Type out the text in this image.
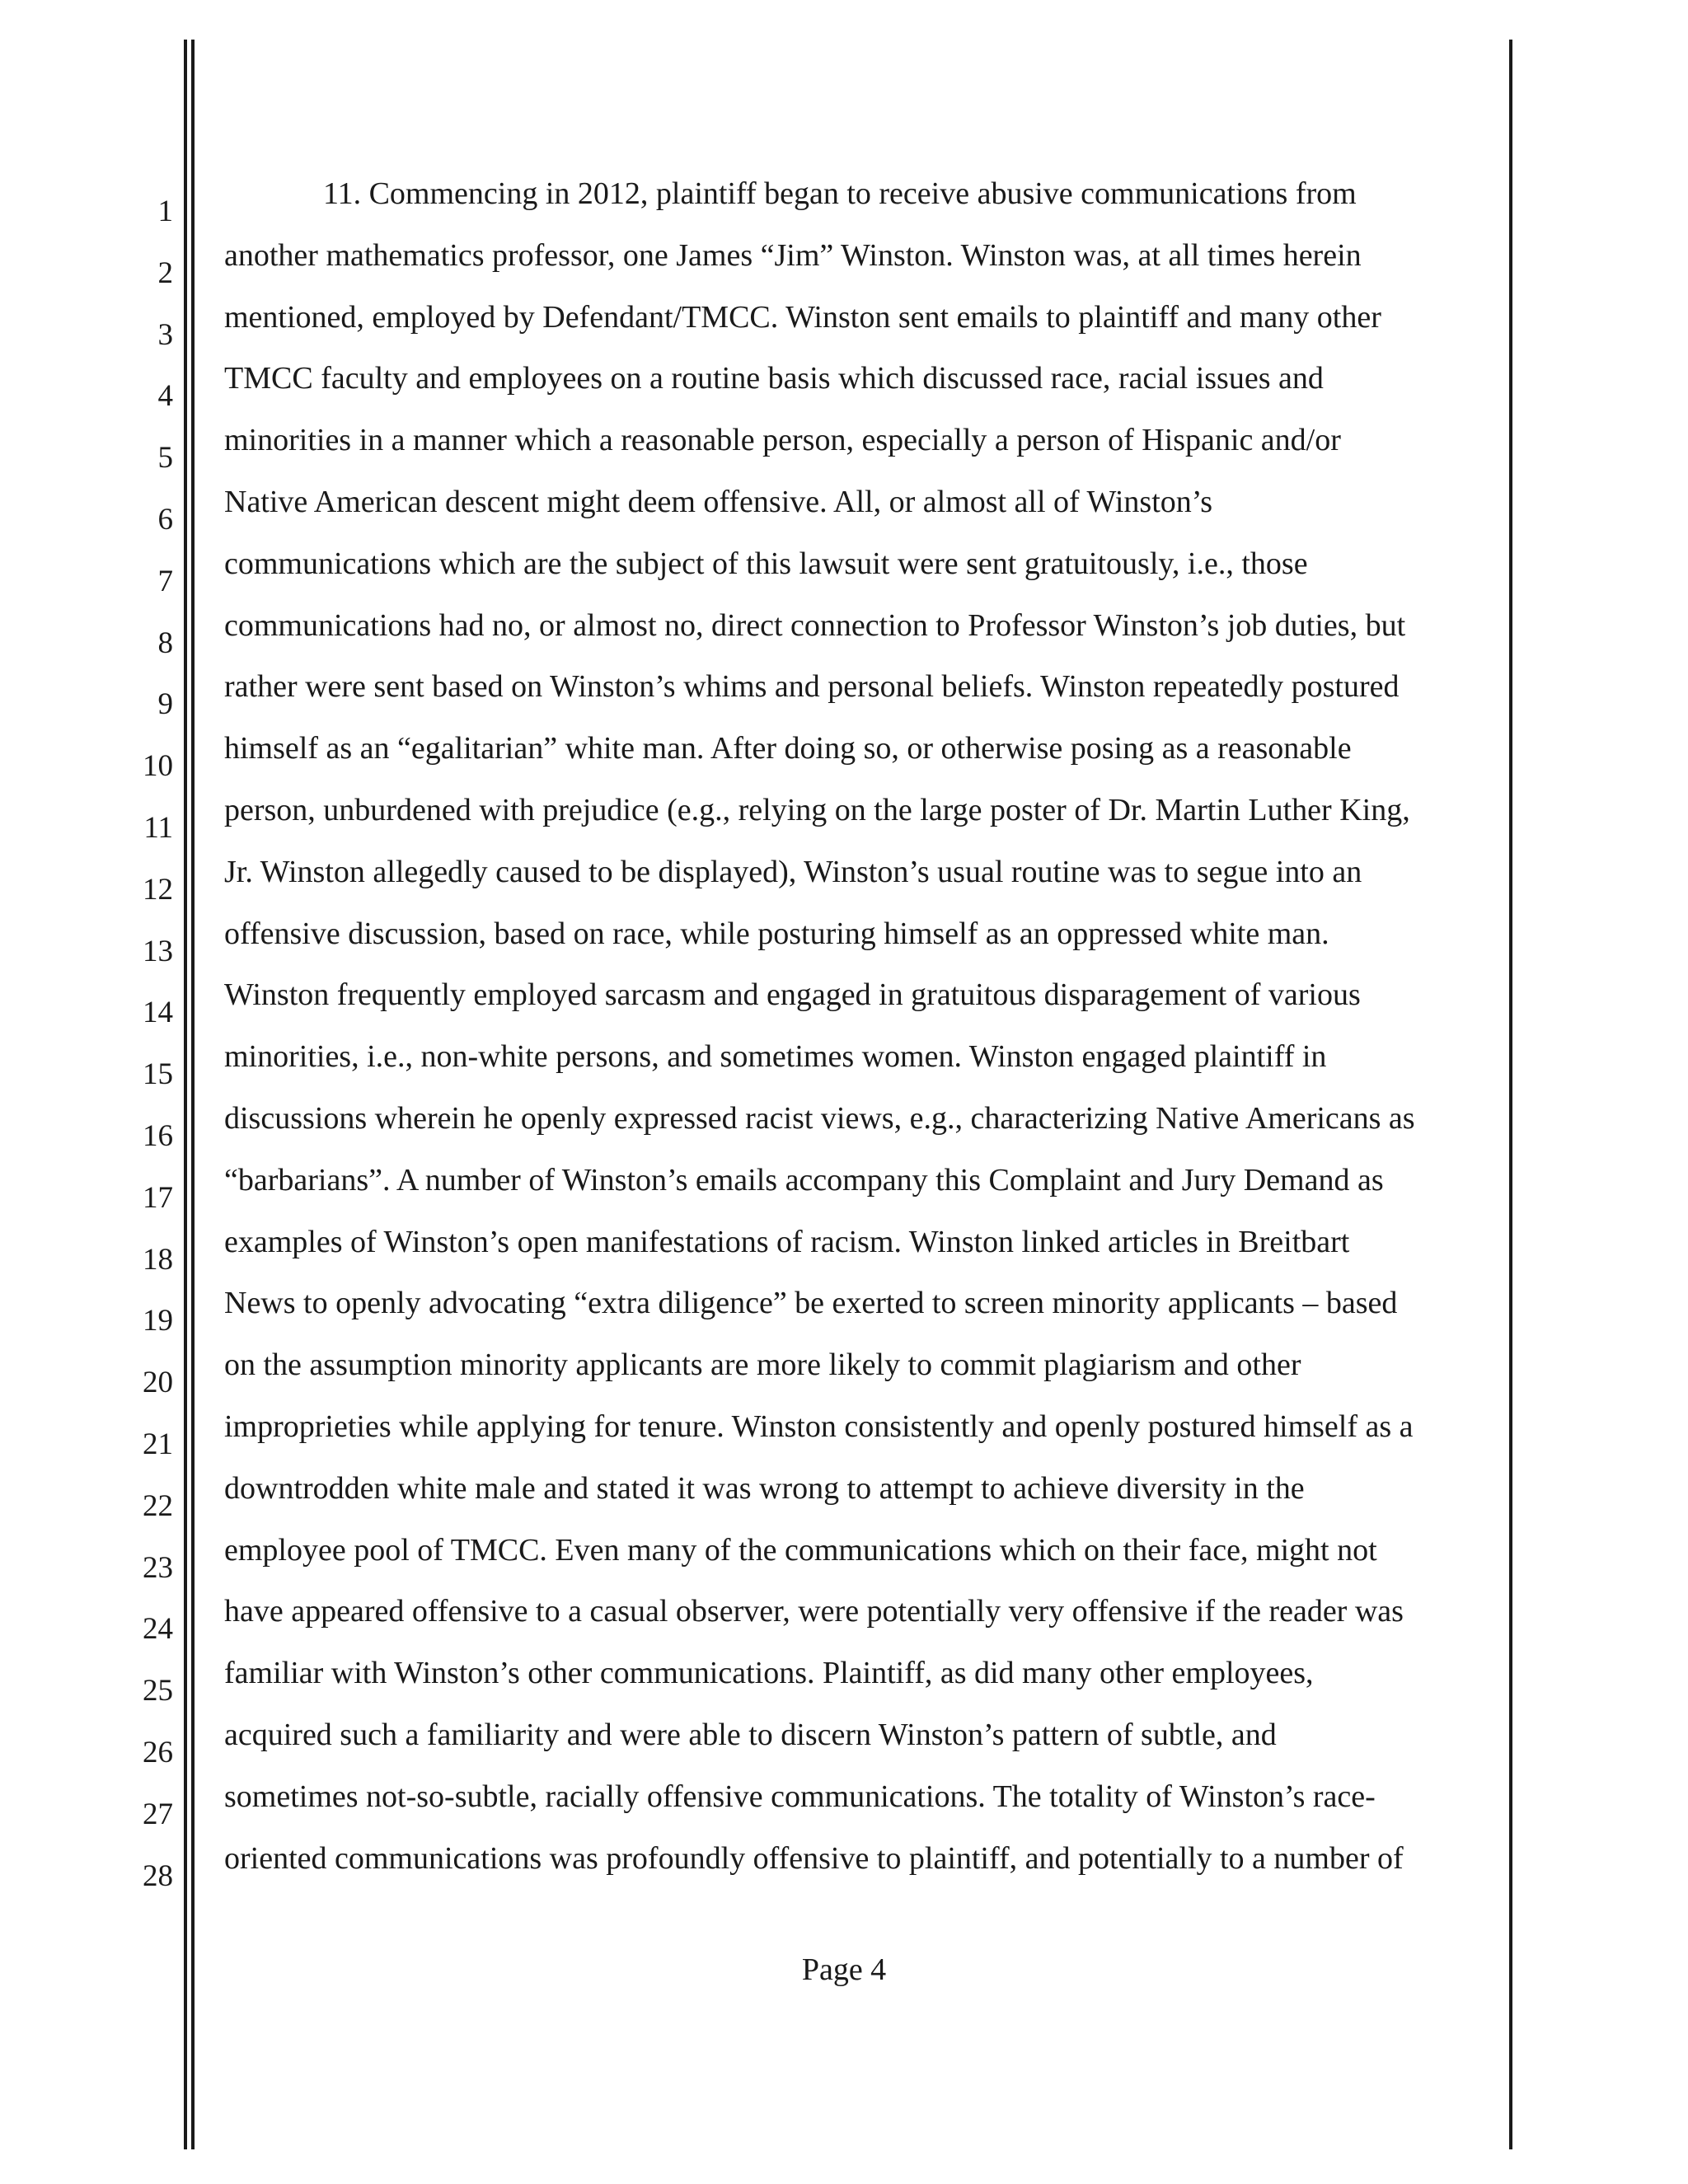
1
2
3
4
5
6
7
8
9
10
11
12
13
14
15
16
17
18
19
20
21
22
23
24
25
26
27
28
11. Commencing in 2012, plaintiff began to receive abusive communications from
another mathematics professor, one James “Jim” Winston. Winston was, at all times herein
mentioned, employed by Defendant/TMCC. Winston sent emails to plaintiff and many other
TMCC faculty and employees on a routine basis which discussed race, racial issues and
minorities in a manner which a reasonable person, especially a person of Hispanic and/or
Native American descent might deem offensive. All, or almost all of Winston’s
communications which are the subject of this lawsuit were sent gratuitously, i.e., those
communications had no, or almost no, direct connection to Professor Winston’s job duties, but
rather were sent based on Winston’s whims and personal beliefs. Winston repeatedly postured
himself as an “egalitarian” white man. After doing so, or otherwise posing as a reasonable
person, unburdened with prejudice (e.g., relying on the large poster of Dr. Martin Luther King,
Jr. Winston allegedly caused to be displayed), Winston’s usual routine was to segue into an
offensive discussion, based on race, while posturing himself as an oppressed white man.
Winston frequently employed sarcasm and engaged in gratuitous disparagement of various
minorities, i.e., non-white persons, and sometimes women. Winston engaged plaintiff in
discussions wherein he openly expressed racist views, e.g., characterizing Native Americans as
“barbarians”. A number of Winston’s emails accompany this Complaint and Jury Demand as
examples of Winston’s open manifestations of racism. Winston linked articles in Breitbart
News to openly advocating “extra diligence” be exerted to screen minority applicants – based
on the assumption minority applicants are more likely to commit plagiarism and other
improprieties while applying for tenure. Winston consistently and openly postured himself as a
downtrodden white male and stated it was wrong to attempt to achieve diversity in the
employee pool of TMCC. Even many of the communications which on their face, might not
have appeared offensive to a casual observer, were potentially very offensive if the reader was
familiar with Winston’s other communications. Plaintiff, as did many other employees,
acquired such a familiarity and were able to discern Winston’s pattern of subtle, and
sometimes not-so-subtle, racially offensive communications. The totality of Winston’s race-
oriented communications was profoundly offensive to plaintiff, and potentially to a number of
Page 4
